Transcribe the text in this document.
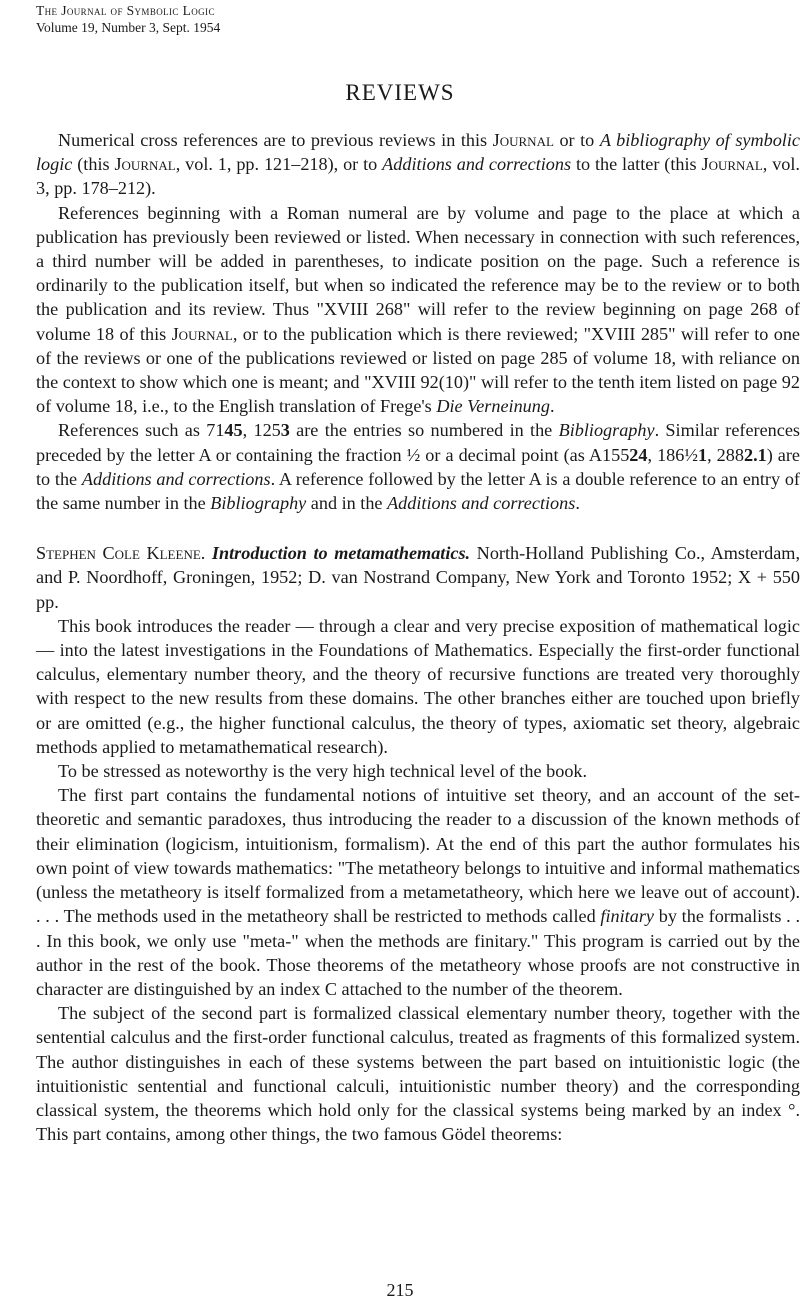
The Journal of Symbolic Logic
Volume 19, Number 3, Sept. 1954
REVIEWS

Numerical cross references are to previous reviews in this Journal or to A bibliography of symbolic logic (this Journal, vol. 1, pp. 121–218), or to Additions and corrections to the latter (this Journal, vol. 3, pp. 178–212).

References beginning with a Roman numeral are by volume and page to the place at which a publication has previously been reviewed or listed. When necessary in connection with such references, a third number will be added in parentheses, to indicate position on the page. Such a reference is ordinarily to the publication itself, but when so indicated the reference may be to the review or to both the publication and its review. Thus "XVIII 268" will refer to the review beginning on page 268 of volume 18 of this Journal, or to the publication which is there reviewed; "XVIII 285" will refer to one of the reviews or one of the publications reviewed or listed on page 285 of volume 18, with reliance on the context to show which one is meant; and "XVIII 92(10)" will refer to the tenth item listed on page 92 of volume 18, i.e., to the English translation of Frege's Die Verneinung.

References such as 7145, 1253 are the entries so numbered in the Bibliography. Similar references preceded by the letter A or containing the fraction ½ or a decimal point (as A15524, 186½1, 2882.1) are to the Additions and corrections. A reference followed by the letter A is a double reference to an entry of the same number in the Bibliography and in the Additions and corrections.

Stephen Cole Kleene. Introduction to metamathematics. North-Holland Publishing Co., Amsterdam, and P. Noordhoff, Groningen, 1952; D. van Nostrand Company, New York and Toronto 1952; X + 550 pp.

This book introduces the reader — through a clear and very precise exposition of mathematical logic — into the latest investigations in the Foundations of Mathematics. Especially the first-order functional calculus, elementary number theory, and the theory of recursive functions are treated very thoroughly with respect to the new results from these domains. The other branches either are touched upon briefly or are omitted (e.g., the higher functional calculus, the theory of types, axiomatic set theory, algebraic methods applied to metamathematical research).

To be stressed as noteworthy is the very high technical level of the book.

The first part contains the fundamental notions of intuitive set theory, and an account of the set-theoretic and semantic paradoxes, thus introducing the reader to a discussion of the known methods of their elimination (logicism, intuitionism, formalism). At the end of this part the author formulates his own point of view towards mathematics: "The metatheory belongs to intuitive and informal mathematics (unless the metatheory is itself formalized from a metametatheory, which here we leave out of account). . . . The methods used in the metatheory shall be restricted to methods called finitary by the formalists . . . In this book, we only use "meta-" when the methods are finitary." This program is carried out by the author in the rest of the book. Those theorems of the metatheory whose proofs are not constructive in character are distinguished by an index C attached to the number of the theorem.

The subject of the second part is formalized classical elementary number theory, together with the sentential calculus and the first-order functional calculus, treated as fragments of this formalized system. The author distinguishes in each of these systems between the part based on intuitionistic logic (the intuitionistic sentential and functional calculi, intuitionistic number theory) and the corresponding classical system, the theorems which hold only for the classical systems being marked by an index °. This part contains, among other things, the two famous Gödel theorems:

215
